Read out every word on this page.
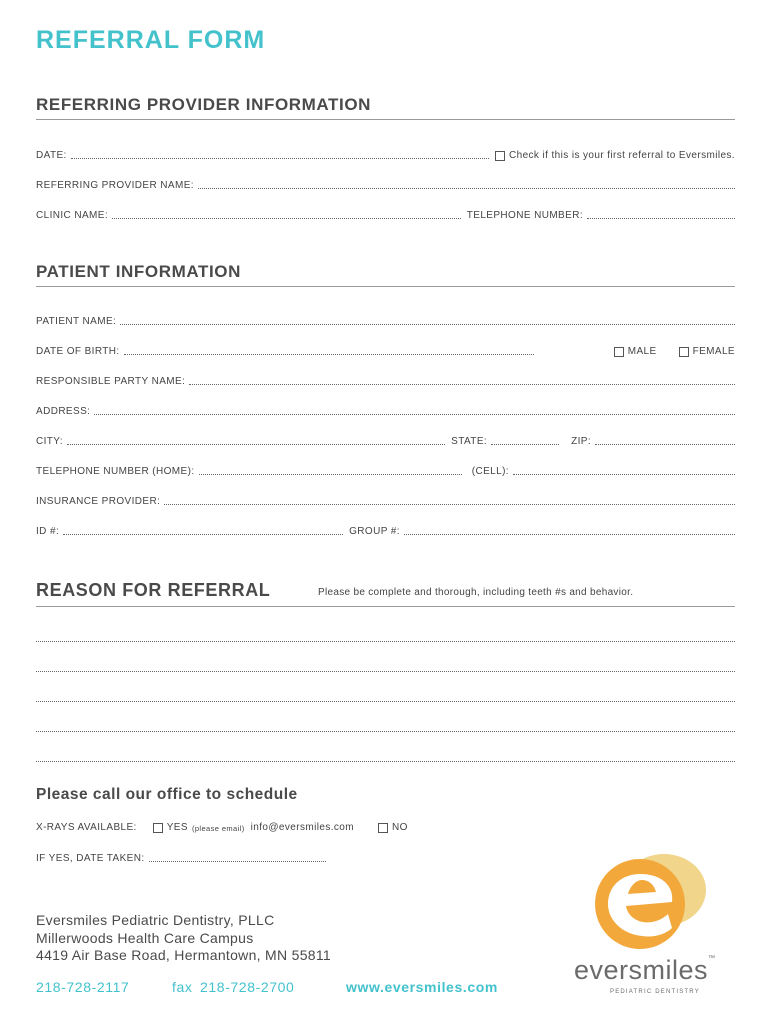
REFERRAL FORM
REFERRING PROVIDER INFORMATION
DATE:	Check if this is your first referral to Eversmiles.
REFERRING PROVIDER NAME:
CLINIC NAME:	TELEPHONE NUMBER:
PATIENT INFORMATION
PATIENT NAME:
DATE OF BIRTH:	MALE	FEMALE
RESPONSIBLE PARTY NAME:
ADDRESS:
CITY:	STATE:	ZIP:
TELEPHONE NUMBER (HOME):	(CELL):
INSURANCE PROVIDER:
ID #:	GROUP #:
REASON FOR REFERRAL	Please be complete and thorough, including teeth #s and behavior.
Please call our office to schedule
X-RAYS AVAILABLE:	YES (please email) info@eversmiles.com	NO
IF YES, DATE TAKEN:
Eversmiles Pediatric Dentistry, PLLC
Millerwoods Health Care Campus
4419 Air Base Road, Hermantown, MN 55811
218-728-2117	fax 218-728-2700	www.eversmiles.com
eversmiles™
PEDIATRIC DENTISTRY
